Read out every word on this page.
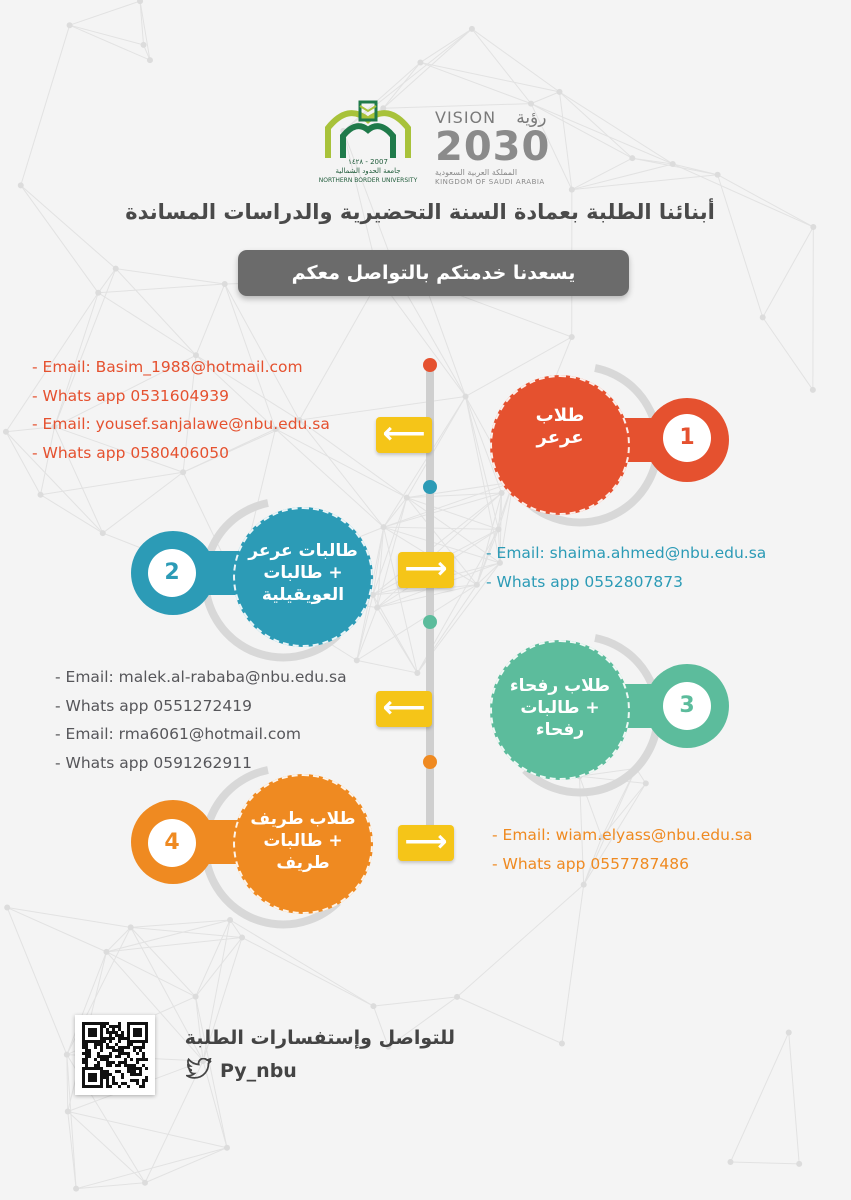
١٤٢٨ - 2007
جامعة الحدود الشمالية
NORTHERN BORDER UNIVERSITY
VISION رؤية
2030
المملكة العربية السعودية
KINGDOM OF SAUDI ARABIA
أبنائنا الطلبة بعمادة السنة التحضيرية والدراسات المساندة
يسعدنا خدمتكم بالتواصل معكم
طلاب
عرعر	1
⟵
- Email: Basim_1988@hotmail.com
- Whats app 0531604939
- Email: yousef.sanjalawe@nbu.edu.sa
- Whats app 0580406050
طالبات عرعر
+ طالبات
العويقيلية
2	⟶	- Email: shaima.ahmed@nbu.edu.sa
- Whats app 0552807873
طلاب رفحاء
+ طالبات
رفحاء
3
⟵
- Email: malek.al-rababa@nbu.edu.sa
- Whats app 0551272419
- Email: rma6061@hotmail.com
- Whats app 0591262911
طلاب طريف
+ طالبات
طريف
4	⟶	- Email: wiam.elyass@nbu.edu.sa
- Whats app 0557787486
للتواصل وإستفسارات الطلبة
Py_nbu
